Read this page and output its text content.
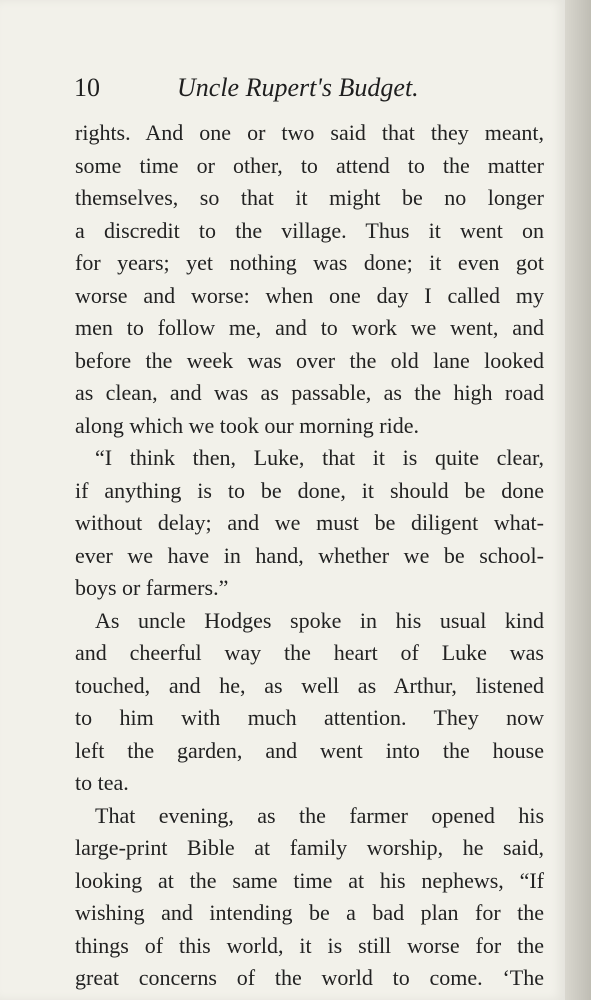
10	Uncle Rupert's Budget.
rights. And one or two said that they meant,
some time or other, to attend to the matter
themselves, so that it might be no longer
a discredit to the village. Thus it went on
for years; yet nothing was done; it even got
worse and worse: when one day I called my
men to follow me, and to work we went, and
before the week was over the old lane looked
as clean, and was as passable, as the high road
along which we took our morning ride.
“I think then, Luke, that it is quite clear,
if anything is to be done, it should be done
without delay; and we must be diligent what-
ever we have in hand, whether we be school-
boys or farmers.”
As uncle Hodges spoke in his usual kind
and cheerful way the heart of Luke was
touched, and he, as well as Arthur, listened
to him with much attention. They now
left the garden, and went into the house
to tea.
That evening, as the farmer opened his
large-print Bible at family worship, he said,
looking at the same time at his nephews, “If
wishing and intending be a bad plan for the
things of this world, it is still worse for the
great concerns of the world to come. ‘The
